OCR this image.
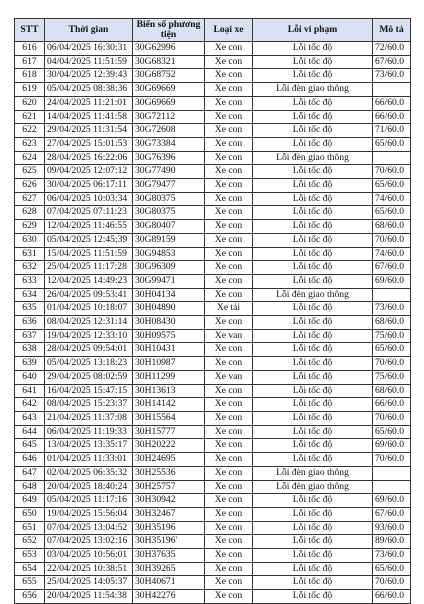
STT	Thời gian	Biển số phương tiện	Loại xe	Lỗi vi phạm	Mô tả
616	06/04/2025 16:30:31	30G62996	Xe con	Lỗi tốc độ	72/60.0
617	04/04/2025 11:51:59	30G68321	Xe con	Lỗi tốc độ	67/60.0
618	30/04/2025 12:39:43	30G68752	Xe con	Lỗi tốc độ	73/60.0
619	05/04/2025 08:38:36	30G69669	Xe con	Lỗi đèn giao thông	
620	24/04/2025 11:21:01	30G69669	Xe con	Lỗi tốc độ	66/60.0
621	14/04/2025 11:41:58	30G72112	Xe con	Lỗi tốc độ	66/60.0
622	29/04/2025 11:31:54	30G72608	Xe con	Lỗi tốc độ	71/60.0
623	27/04/2025 15:01:53	30G73384	Xe con	Lỗi tốc độ	65/60.0
624	28/04/2025 16:22:06	30G76396	Xe con	Lỗi đèn giao thông	
625	09/04/2025 12:07:12	30G77490	Xe con	Lỗi tốc độ	70/60.0
626	30/04/2025 06:17:11	30G79477	Xe con	Lỗi tốc độ	65/60.0
627	06/04/2025 10:03:34	30G80375	Xe con	Lỗi tốc độ	74/60.0
628	07/04/2025 07:11:23	30G80375	Xe con	Lỗi tốc độ	65/60.0
629	12/04/2025 11:46:55	30G80407	Xe con	Lỗi tốc độ	68/60.0
630	05/04/2025 12:45:39	30G89159	Xe con	Lỗi tốc độ	70/60.0
631	15/04/2025 11:51:59	30G94853	Xe con	Lỗi tốc độ	74/60.0
632	25/04/2025 11:17:28	30G96309	Xe con	Lỗi tốc độ	67/60.0
633	12/04/2025 14:49:23	30G99471	Xe con	Lỗi tốc độ	69/60.0
634	26/04/2025 09:53:41	30H04134	Xe con	Lỗi đèn giao thông	
635	01/04/2025 10:18:07	30H04890	Xe tải	Lỗi tốc độ	73/60.0
636	08/04/2025 12:31:14	30H08430	Xe con	Lỗi tốc độ	68/60.0
637	19/04/2025 12:33:10	30H09575	Xe van	Lỗi tốc độ	75/60.0
638	28/04/2025 09:54:01	30H10431	Xe con	Lỗi tốc độ	65/60.0
639	05/04/2025 13:18:23	30H10987	Xe con	Lỗi tốc độ	70/60.0
640	29/04/2025 08:02:59	30H11299	Xe van	Lỗi tốc độ	75/60.0
641	16/04/2025 15:47:15	30H13613	Xe con	Lỗi tốc độ	68/60.0
642	08/04/2025 15:23:37	30H14142	Xe con	Lỗi tốc độ	66/60.0
643	21/04/2025 11:37:08	30H15564	Xe con	Lỗi tốc độ	70/60.0
644	06/04/2025 11:19:33	30H15777	Xe con	Lỗi tốc độ	65/60.0
645	13/04/2025 13:35:17	30H20222	Xe con	Lỗi tốc độ	69/60.0
646	01/04/2025 11:33:01	30H24695	Xe con	Lỗi tốc độ	70/60.0
647	02/04/2025 06:35:32	30H25536	Xe con	Lỗi đèn giao thông	
648	20/04/2025 18:40:24	30H25757	Xe con	Lỗi đèn giao thông	
649	05/04/2025 11:17:16	30H30942	Xe con	Lỗi tốc độ	69/60.0
650	19/04/2025 15:56:04	30H32467	Xe con	Lỗi tốc độ	67/60.0
651	07/04/2025 13:04:52	30H35196	Xe con	Lỗi tốc độ	93/60.0
652	07/04/2025 13:02:16	30H35196'	Xe con	Lỗi tốc độ	89/60.0
653	03/04/2025 10:56:01	30H37635	Xe con	Lỗi tốc độ	73/60.0
654	22/04/2025 10:38:51	30H39265	Xe con	Lỗi tốc độ	65/60.0
655	25/04/2025 14:05:37	30H40671	Xe con	Lỗi tốc độ	70/60.0
656	20/04/2025 11:54:38	30H42276	Xe con	Lỗi tốc độ	66/60.0
